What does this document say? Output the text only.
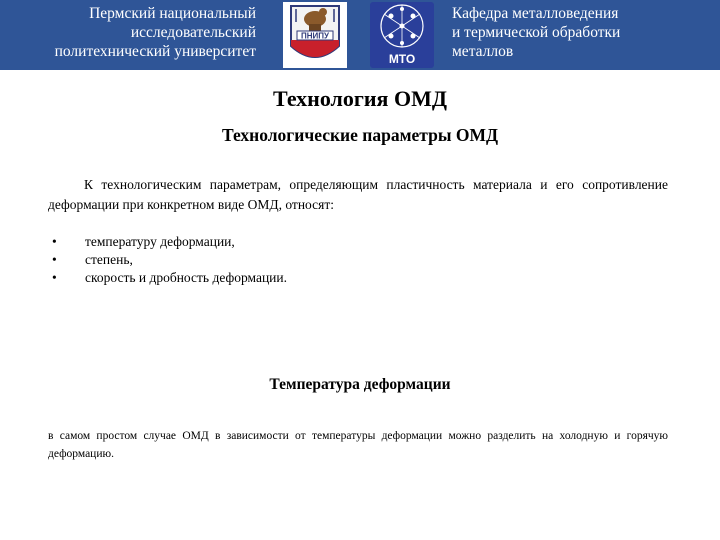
Пермский национальный
исследовательский
политехнический университет
ПНИПУ
МТО
Кафедра металловедения
и термической обработки
металлов
Технология ОМД
Технологические параметры ОМД
К технологическим параметрам, определяющим пластичность материала и его сопротивление деформации при конкретном виде ОМД, относят:
• температуру деформации,
• степень,
• скорость и дробность деформации.
Температура деформации
в самом простом случае ОМД в зависимости от температуры деформации можно разделить на холодную и горячую деформацию.
